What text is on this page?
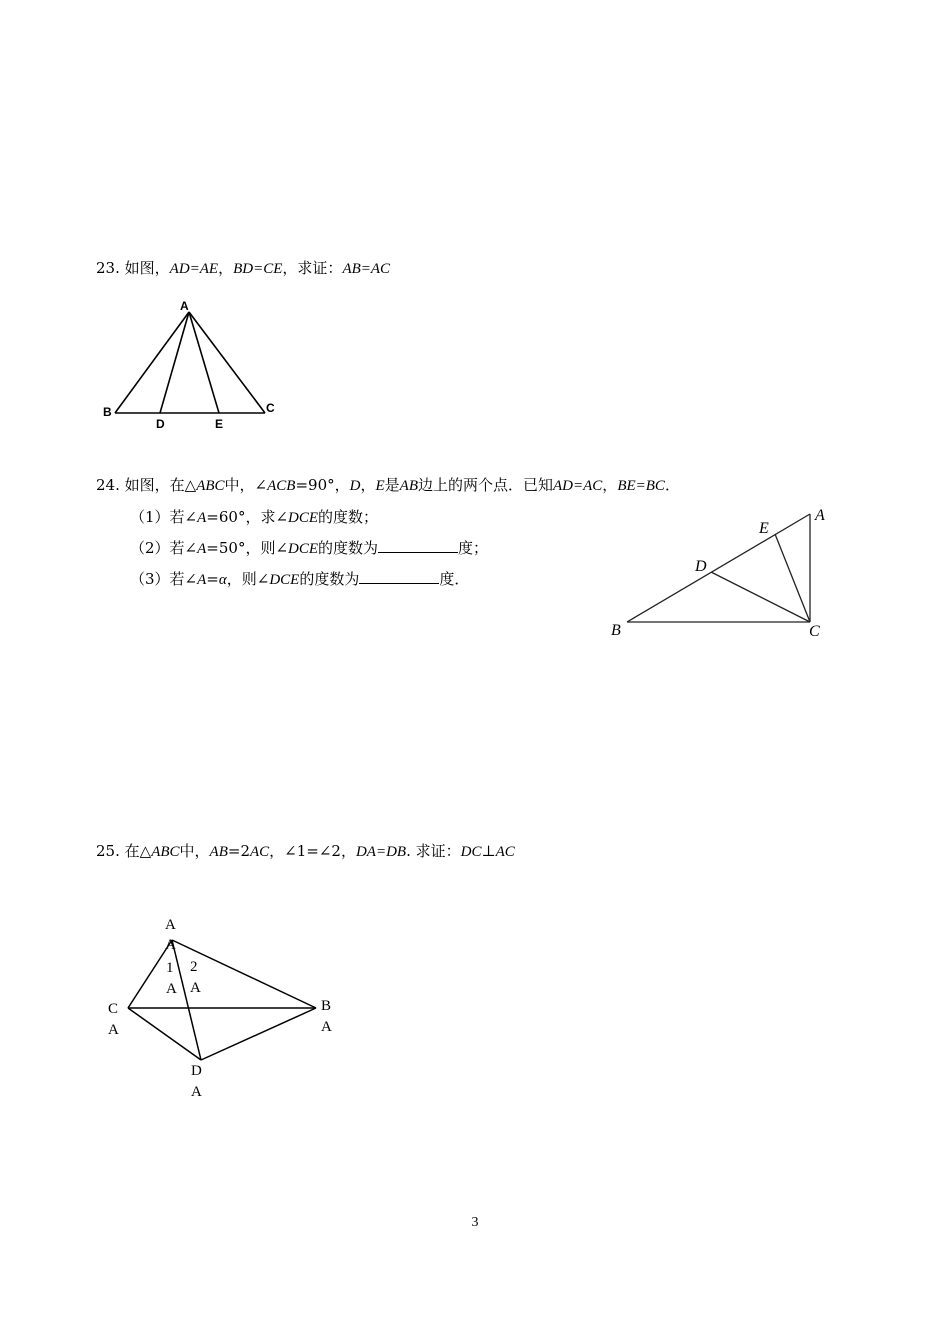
23. 如图，AD=AE，BD=CE，求证：AB=AC
A
B	C
D	E
24. 如图，在△ABC中，∠ACB=90°，D，E是AB边上的两个点．已知AD=AC，BE=BC．
（1）若∠A=60°，求∠DCE的度数；
（2）若∠A=50°，则∠DCE的度数为	度；
（3）若∠A=α，则∠DCE的度数为	度．
A
B	C
D
E
25. 在△ABC中，AB=2AC，∠1=∠2，DA=DB. 求证：DC⊥AC
A
A
1
A
2
A
C
A
B
A
D
A
3
